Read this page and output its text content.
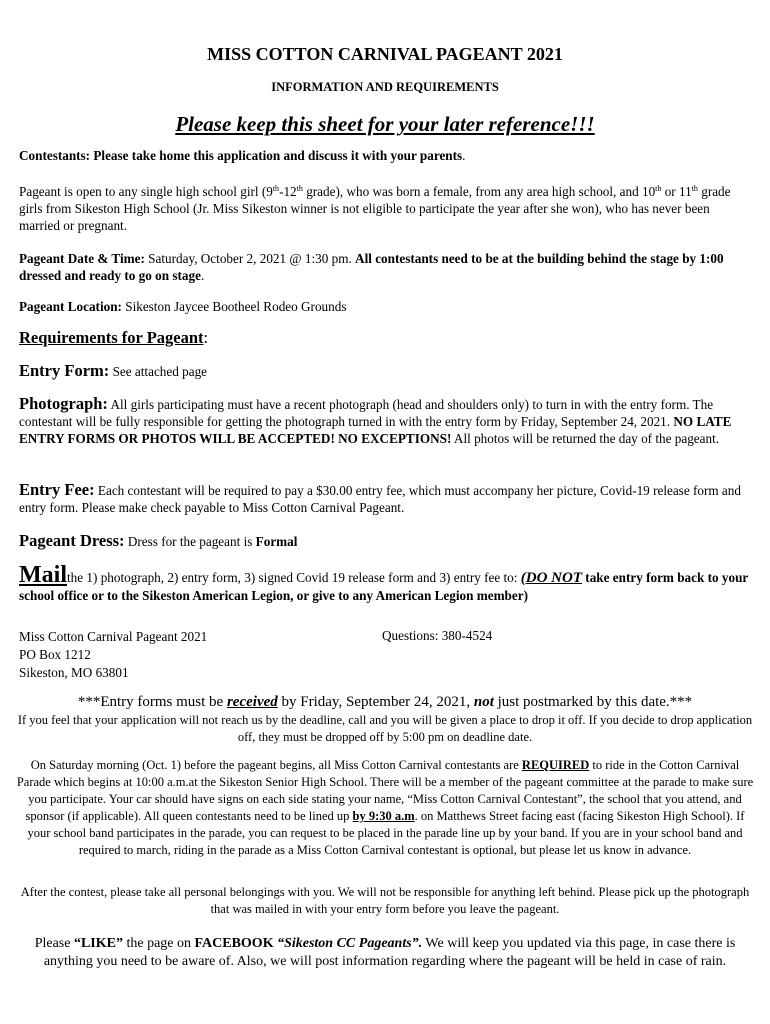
MISS COTTON CARNIVAL PAGEANT 2021
INFORMATION AND REQUIREMENTS
Please keep this sheet for your later reference!!!

Contestants: Please take home this application and discuss it with your parents.

Pageant is open to any single high school girl (9th-12th grade), who was born a female, from any area high school, and 10th or 11th grade girls from Sikeston High School (Jr. Miss Sikeston winner is not eligible to participate the year after she won), who has never been married or pregnant.

Pageant Date & Time: Saturday, October 2, 2021 @ 1:30 pm. All contestants need to be at the building behind the stage by 1:00 dressed and ready to go on stage.

Pageant Location: Sikeston Jaycee Bootheel Rodeo Grounds

Requirements for Pageant:

Entry Form: See attached page

Photograph: All girls participating must have a recent photograph (head and shoulders only) to turn in with the entry form. The contestant will be fully responsible for getting the photograph turned in with the entry form by Friday, September 24, 2021. NO LATE ENTRY FORMS OR PHOTOS WILL BE ACCEPTED! NO EXCEPTIONS! All photos will be returned the day of the pageant.

Entry Fee: Each contestant will be required to pay a $30.00 entry fee, which must accompany her picture, Covid-19 release form and entry form. Please make check payable to Miss Cotton Carnival Pageant.

Pageant Dress: Dress for the pageant is Formal

Mailthe 1) photograph, 2) entry form, 3) signed Covid 19 release form and 3) entry fee to: (DO NOT take entry form back to your school office or to the Sikeston American Legion, or give to any American Legion member)

Miss Cotton Carnival Pageant 2021
PO Box 1212
Sikeston, MO 63801
Questions: 380-4524

***Entry forms must be received by Friday, September 24, 2021, not just postmarked by this date.***

If you feel that your application will not reach us by the deadline, call and you will be given a place to drop it off. If you decide to drop application off, they must be dropped off by 5:00 pm on deadline date.

On Saturday morning (Oct. 1) before the pageant begins, all Miss Cotton Carnival contestants are REQUIRED to ride in the Cotton Carnival Parade which begins at 10:00 a.m.at the Sikeston Senior High School. There will be a member of the pageant committee at the parade to make sure you participate. Your car should have signs on each side stating your name, “Miss Cotton Carnival Contestant”, the school that you attend, and sponsor (if applicable). All queen contestants need to be lined up by 9:30 a.m. on Matthews Street facing east (facing Sikeston High School). If your school band participates in the parade, you can request to be placed in the parade line up by your band. If you are in your school band and required to march, riding in the parade as a Miss Cotton Carnival contestant is optional, but please let us know in advance.

After the contest, please take all personal belongings with you. We will not be responsible for anything left behind. Please pick up the photograph that was mailed in with your entry form before you leave the pageant.

Please “LIKE” the page on FACEBOOK “Sikeston CC Pageants”. We will keep you updated via this page, in case there is anything you need to be aware of. Also, we will post information regarding where the pageant will be held in case of rain.
